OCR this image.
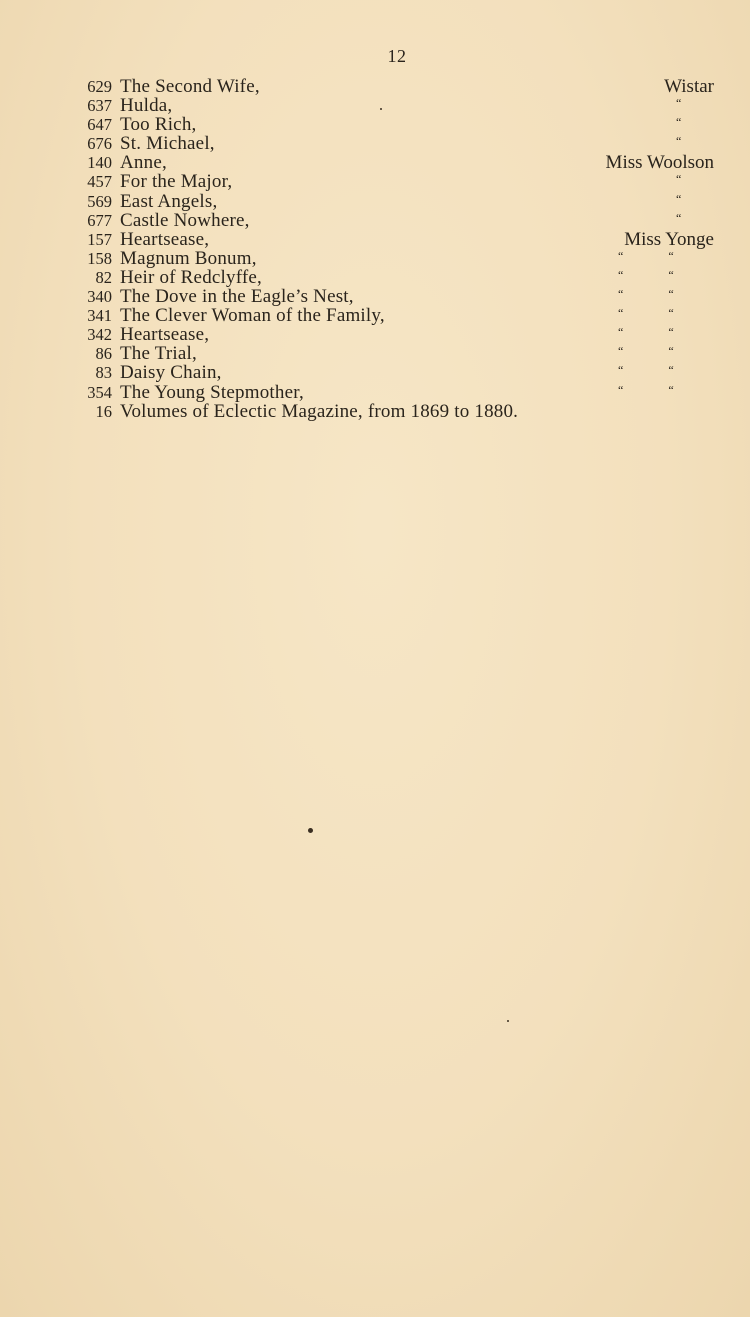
12
629 The Second Wife,	Wistar
637 Hulda,	“
647 Too Rich,	“
676 St. Michael,	“
140 Anne,	Miss Woolson
457 For the Major,	“
569 East Angels,	“
677 Castle Nowhere,	“
157 Heartsease,	Miss Yonge
158 Magnum Bonum,	“ “
82 Heir of Redclyffe,	“ “
340 The Dove in the Eagle’s Nest,	“ “
341 The Clever Woman of the Family,	“ “
342 Heartsease,	“ “
86 The Trial,	“ “
83 Daisy Chain,	“ “
354 The Young Stepmother,	“ “
16 Volumes of Eclectic Magazine, from 1869 to 1880.
